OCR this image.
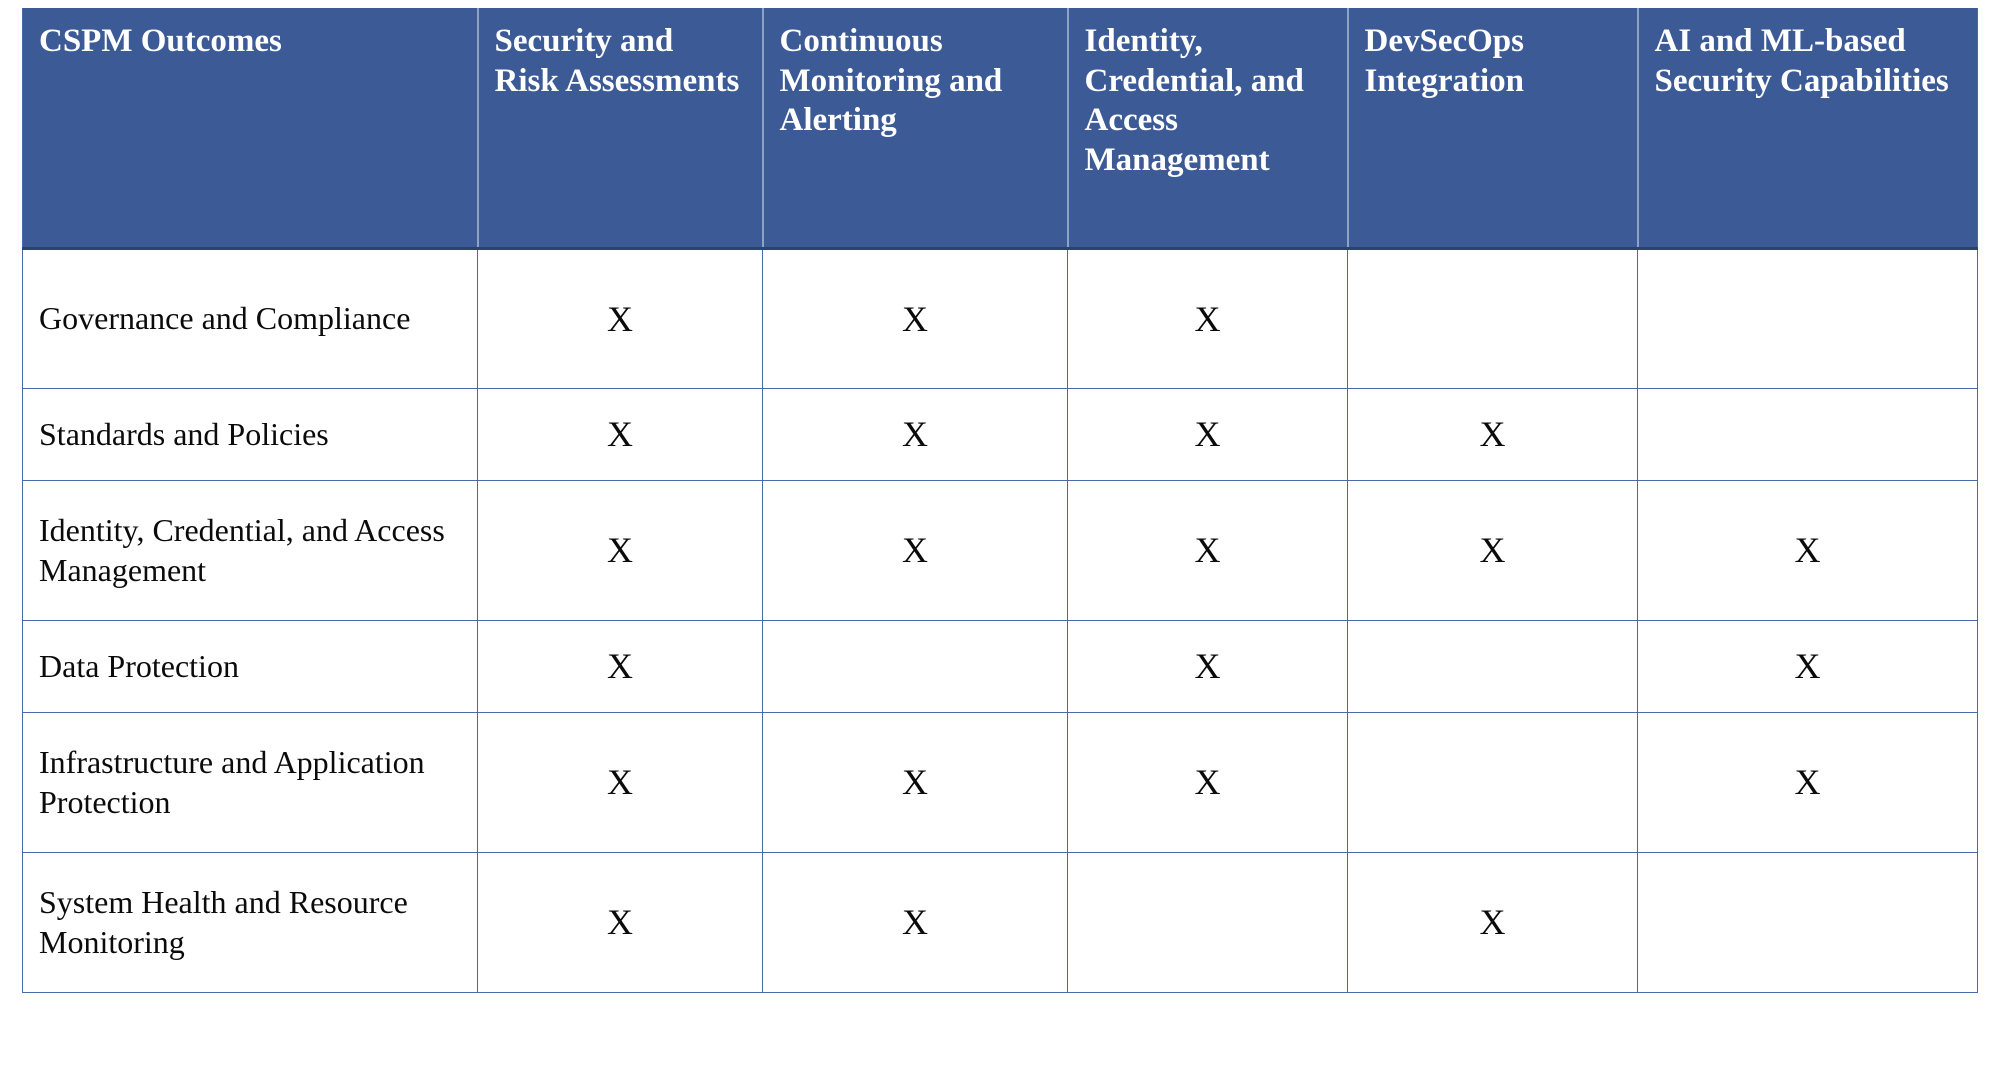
CSPM Outcomes	Security and Risk Assessments	Continuous Monitoring and Alerting	Identity, Credential, and Access Management	DevSecOps Integration	AI and ML-based Security Capabilities
Governance and Compliance	X	X	X		
Standards and Policies	X	X	X	X	
Identity, Credential, and Access Management	X	X	X	X	X
Data Protection	X		X		X
Infrastructure and Application Protection	X	X	X		X
System Health and Resource Monitoring	X	X		X	
